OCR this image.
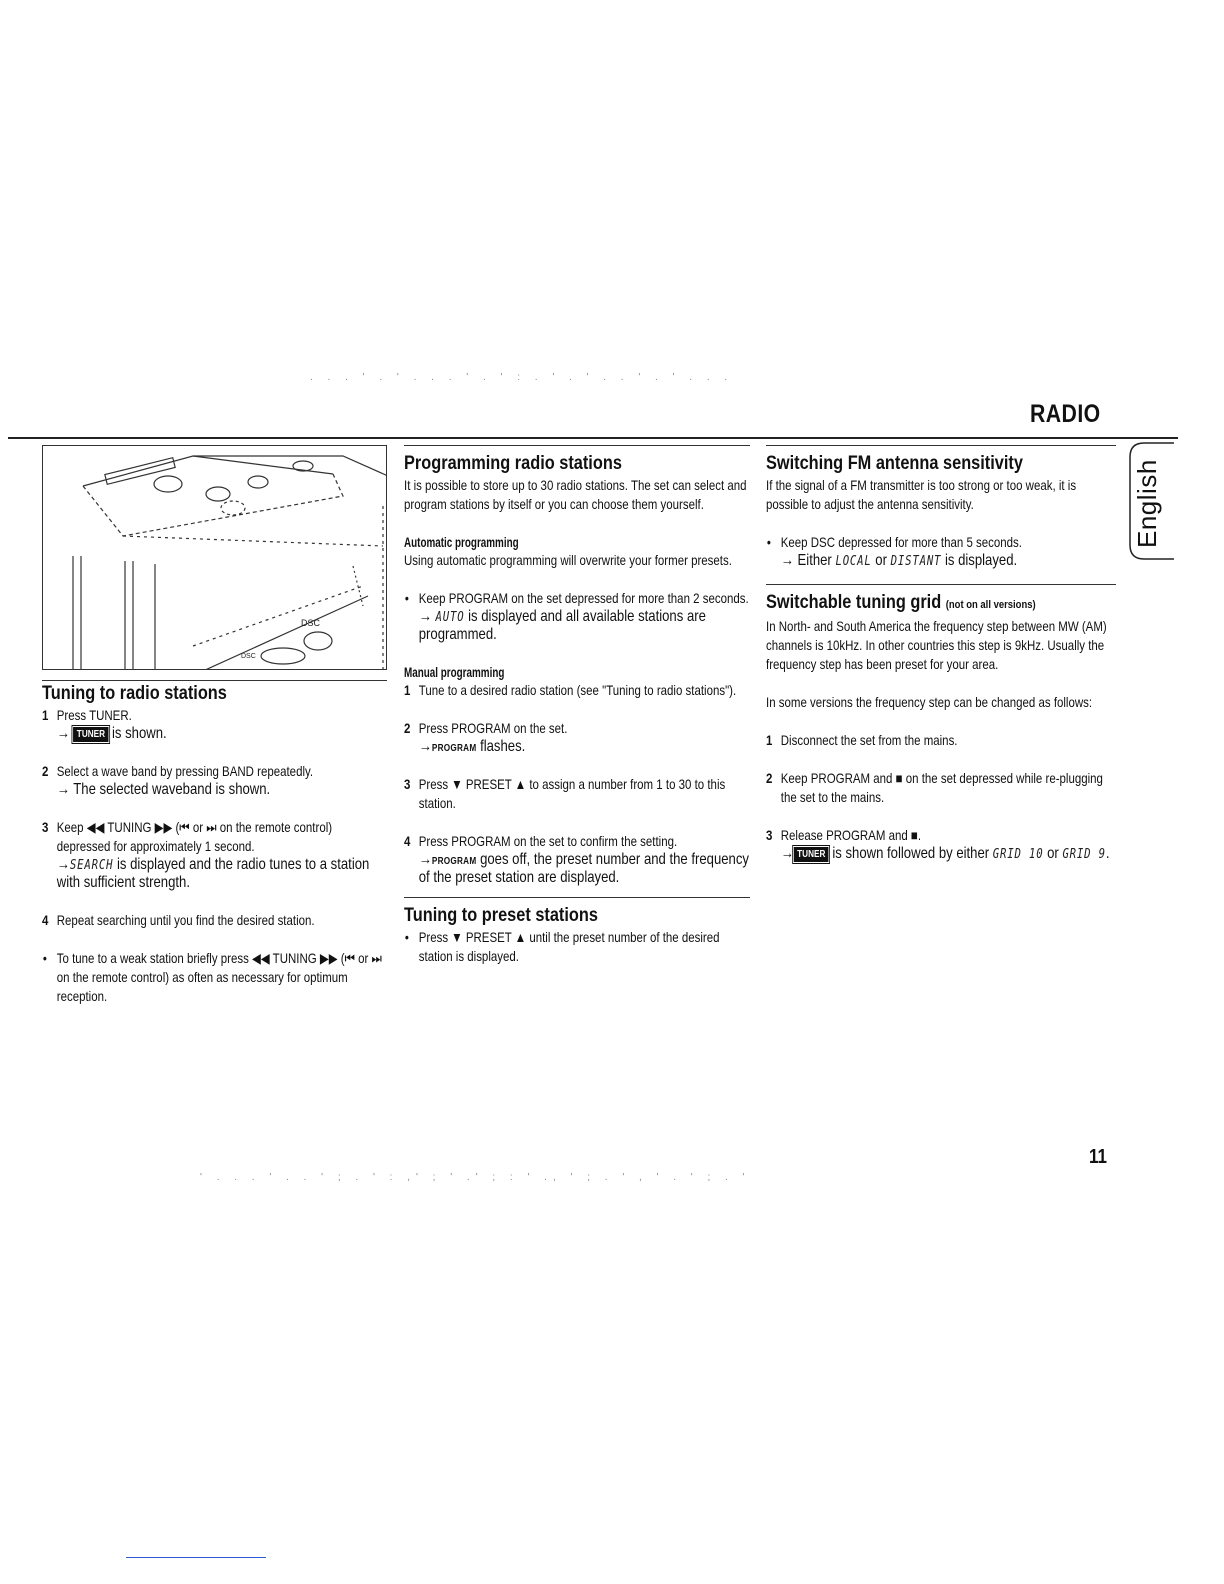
. . . ' . ' . . . ' . ' : . ' . ' . . ' . ' . . .
RADIO
DSC
DSC
Tuning to radio stations
1 Press TUNER.
→ TUNER is shown.
2 Select a wave band by pressing BAND repeatedly.
→ The selected waveband is shown.
3 Keep ◀◀ TUNING ▶▶ (⏮ or ⏭ on the remote control) depressed for approximately 1 second.
→SEARCH is displayed and the radio tunes to a station with sufficient strength.
4 Repeat searching until you find the desired station.
• To tune to a weak station briefly press ◀◀ TUNING ▶▶ (⏮ or ⏭ on the remote control) as often as necessary for optimum reception.
Programming radio stations

It is possible to store up to 30 radio stations. The set can select and program stations by itself or you can choose them yourself.

Automatic programming

Using automatic programming will overwrite your former presets.

• Keep PROGRAM on the set depressed for more than 2 seconds.
→ AUTO is displayed and all available stations are programmed.
Manual programming
1 Tune to a desired radio station (see "Tuning to radio stations").
2 Press PROGRAM on the set.
→PROGRAM flashes.
3 Press ▼ PRESET ▲ to assign a number from 1 to 30 to this station.
4 Press PROGRAM on the set to confirm the setting.
→PROGRAM goes off, the preset number and the frequency of the preset station are displayed.
Tuning to preset stations
• Press ▼ PRESET ▲ until the preset number of the desired station is displayed.
Switching FM antenna sensitivity

If the signal of a FM transmitter is too strong or too weak, it is possible to adjust the antenna sensitivity.

• Keep DSC depressed for more than 5 seconds.
→ Either LOCAL or DISTANT is displayed.
Switchable tuning grid (not on all versions)

In North- and South America the frequency step between MW (AM) channels is 10kHz. In other countries this step is 9kHz. Usually the frequency step has been preset for your area.

In some versions the frequency step can be changed as follows:

1 Disconnect the set from the mains.
2 Keep PROGRAM and ■ on the set depressed while re-plugging the set to the mains.
3 Release PROGRAM and ■.
→ TUNER is shown followed by either GRID 10 or GRID 9.
English
11
' . . . ' . . ' ; . ' : ,' ; ' .' ; : ' ., ' ; . ' , ' . ' ; . '
